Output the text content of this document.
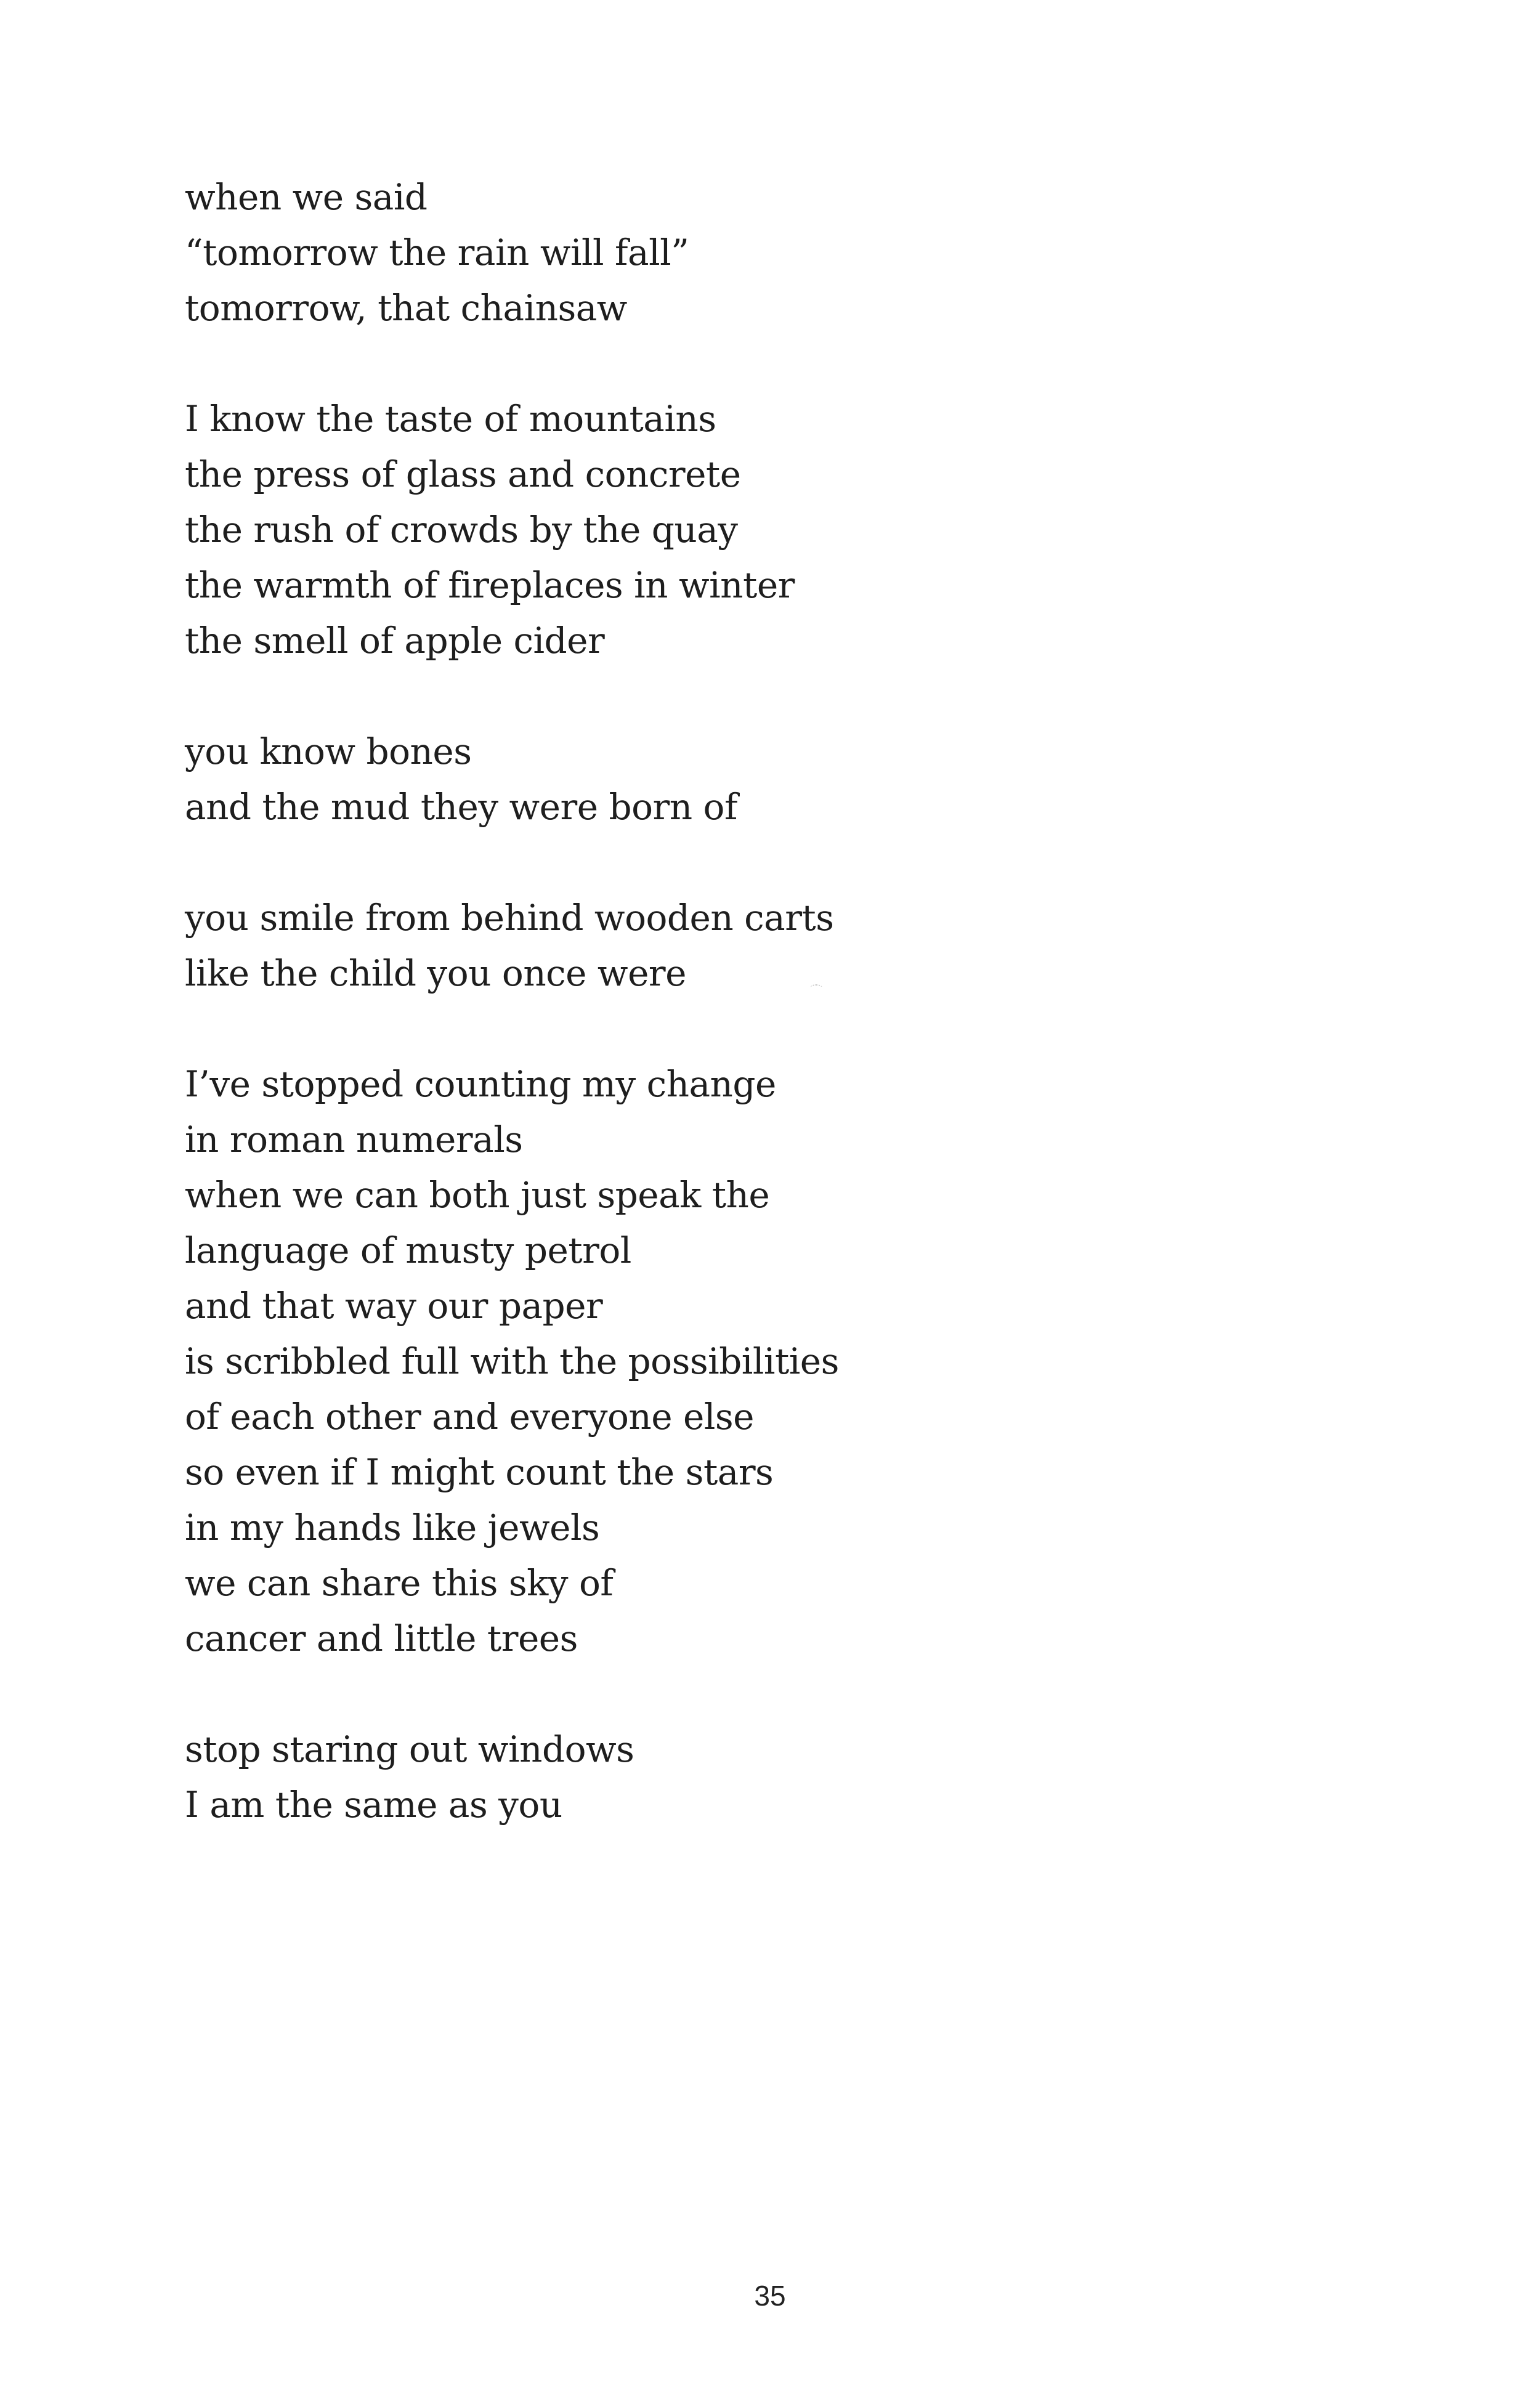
when we said
“tomorrow the rain will fall”
tomorrow, that chainsaw
I know the taste of mountains
the press of glass and concrete
the rush of crowds by the quay
the warmth of fireplaces in winter
the smell of apple cider
you know bones
and the mud they were born of
you smile from behind wooden carts
like the child you once were
I’ve stopped counting my change
in roman numerals
when we can both just speak the
language of musty petrol
and that way our paper
is scribbled full with the possibilities
of each other and everyone else
so even if I might count the stars
in my hands like jewels
we can share this sky of
cancer and little trees
stop staring out windows
I am the same as you
35
